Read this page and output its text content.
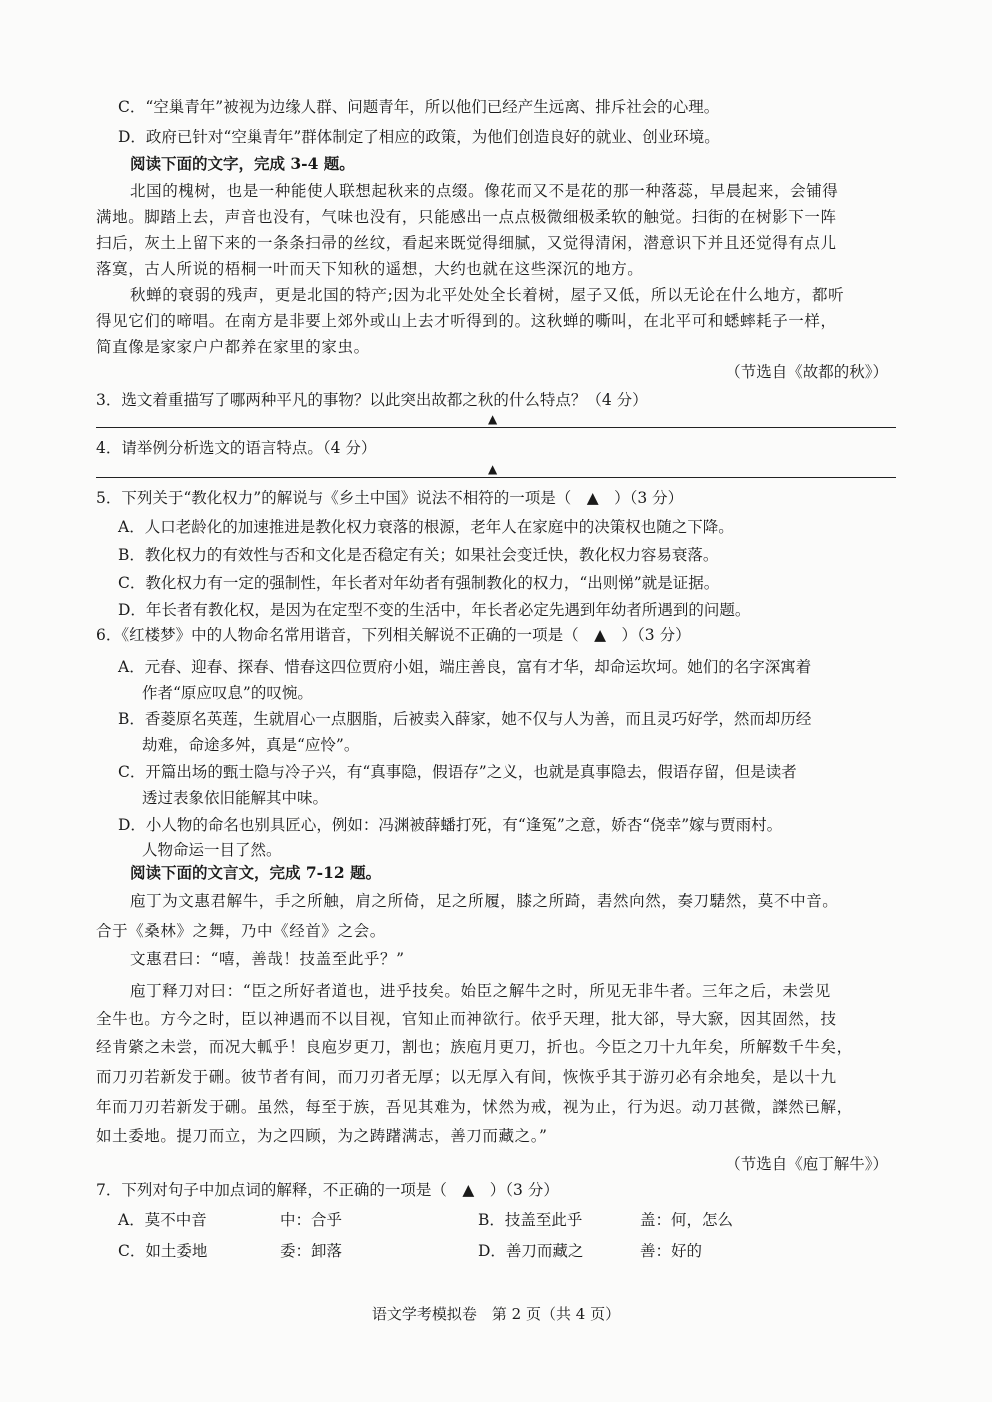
C．“空巢青年”被视为边缘人群、问题青年，所以他们已经产生远离、排斥社会的心理。
D．政府已针对“空巢青年”群体制定了相应的政策，为他们创造良好的就业、创业环境。
阅读下面的文字，完成 3-4 题。
北国的槐树，也是一种能使人联想起秋来的点缀。像花而又不是花的那一种落蕊，早晨起来，会铺得
满地。脚踏上去，声音也没有，气味也没有，只能感出一点点极微细极柔软的触觉。扫街的在树影下一阵
扫后，灰土上留下来的一条条扫帚的丝纹，看起来既觉得细腻，又觉得清闲，潜意识下并且还觉得有点儿
落寞，古人所说的梧桐一叶而天下知秋的遥想，大约也就在这些深沉的地方。
秋蝉的衰弱的残声，更是北国的特产;因为北平处处全长着树，屋子又低，所以无论在什么地方，都听
得见它们的啼唱。在南方是非要上郊外或山上去才听得到的。这秋蝉的嘶叫，在北平可和蟋蟀耗子一样，
简直像是家家户户都养在家里的家虫。
（节选自《故都的秋》）
3．选文着重描写了哪两种平凡的事物？以此突出故都之秋的什么特点？（4 分）
▲
4．请举例分析选文的语言特点。（4 分）
▲
5．下列关于“教化权力”的解说与《乡土中国》说法不相符的一项是（　▲　）（3 分）
A．人口老龄化的加速推进是教化权力衰落的根源，老年人在家庭中的决策权也随之下降。
B．教化权力的有效性与否和文化是否稳定有关；如果社会变迁快，教化权力容易衰落。
C．教化权力有一定的强制性，年长者对年幼者有强制教化的权力，“出则悌”就是证据。
D．年长者有教化权，是因为在定型不变的生活中，年长者必定先遇到年幼者所遇到的问题。
6．《红楼梦》中的人物命名常用谐音，下列相关解说不正确的一项是（　▲　）（3 分）
A．元春、迎春、探春、惜春这四位贾府小姐，端庄善良，富有才华，却命运坎坷。她们的名字深寓着
作者“原应叹息”的叹惋。
B．香菱原名英莲，生就眉心一点胭脂，后被卖入薛家，她不仅与人为善，而且灵巧好学，然而却历经
劫难，命途多舛，真是“应怜”。
C．开篇出场的甄士隐与冷子兴，有“真事隐，假语存”之义，也就是真事隐去，假语存留，但是读者
透过表象依旧能解其中味。
D．小人物的命名也别具匠心，例如：冯渊被薛蟠打死，有“逢冤”之意，娇杏“侥幸”嫁与贾雨村。
人物命运一目了然。
阅读下面的文言文，完成 7-12 题。
庖丁为文惠君解牛，手之所触，肩之所倚，足之所履，膝之所踦，砉然向然，奏刀騞然，莫不中音。
合于《桑林》之舞，乃中《经首》之会。
文惠君曰：“嘻，善哉！技盖至此乎？”
庖丁释刀对曰：“臣之所好者道也，进乎技矣。始臣之解牛之时，所见无非牛者。三年之后，未尝见
全牛也。方今之时，臣以神遇而不以目视，官知止而神欲行。依乎天理，批大郤，导大窾，因其固然，技
经肯綮之未尝，而况大軱乎！良庖岁更刀，割也；族庖月更刀，折也。今臣之刀十九年矣，所解数千牛矣，
而刀刃若新发于硎。彼节者有间，而刀刃者无厚；以无厚入有间，恢恢乎其于游刃必有余地矣，是以十九
年而刀刃若新发于硎。虽然，每至于族，吾见其难为，怵然为戒，视为止，行为迟。动刀甚微，謋然已解，
如土委地。提刀而立，为之四顾，为之踌躇满志，善刀而藏之。”
（节选自《庖丁解牛》）
7．下列对句子中加点词的解释，不正确的一项是（　▲　）（3 分）
A．莫不中音	中：合乎	B．技盖至此乎	盖：何，怎么
C．如土委地	委：卸落	D．善刀而藏之	善：好的
语文学考模拟卷　第 2 页（共 4 页）
